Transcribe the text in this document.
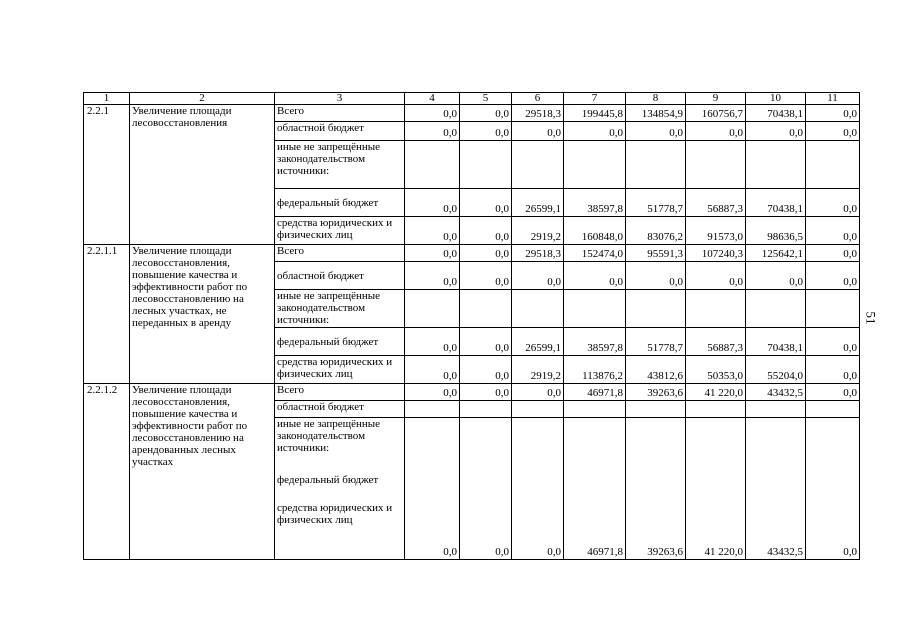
1	2	3	4	5	6	7	8	9	10	11
2.2.1	Увеличение площади лесовосстановления	Всего	0,0	0,0	29518,3	199445,8	134854,9	160756,7	70438,1	0,0
		областной бюджет	0,0	0,0	0,0	0,0	0,0	0,0	0,0	0,0
		иные не запрещённые законодательством источники:								
		федеральный бюджет	0,0	0,0	26599,1	38597,8	51778,7	56887,3	70438,1	0,0
		средства юридических и физических лиц	0,0	0,0	2919,2	160848,0	83076,2	91573,0	98636,5	0,0
2.2.1.1	Увеличение площади лесовосстановления, повышение качества и эффективности работ по лесовосстановлению на лесных участках, не переданных в аренду	Всего	0,0	0,0	29518,3	152474,0	95591,3	107240,3	125642,1	0,0
		областной бюджет	0,0	0,0	0,0	0,0	0,0	0,0	0,0	0,0
		иные не запрещённые законодательством источники:								
		федеральный бюджет	0,0	0,0	26599,1	38597,8	51778,7	56887,3	70438,1	0,0
		средства юридических и физических лиц	0,0	0,0	2919,2	113876,2	43812,6	50353,0	55204,0	0,0
2.2.1.2	Увеличение площади лесовосстановления, повышение качества и эффективности работ по лесовосстановлению на арендованных лесных участках	Всего	0,0	0,0	0,0	46971,8	39263,6	41 220,0	43432,5	0,0
		областной бюджет								

		иные не запрещённые законодательством источники:
федеральный бюджет
средства юридических и физических лиц	0,0	0,0	0,0	46971,8	39263,6	41 220,0	43432,5	0,0
51
